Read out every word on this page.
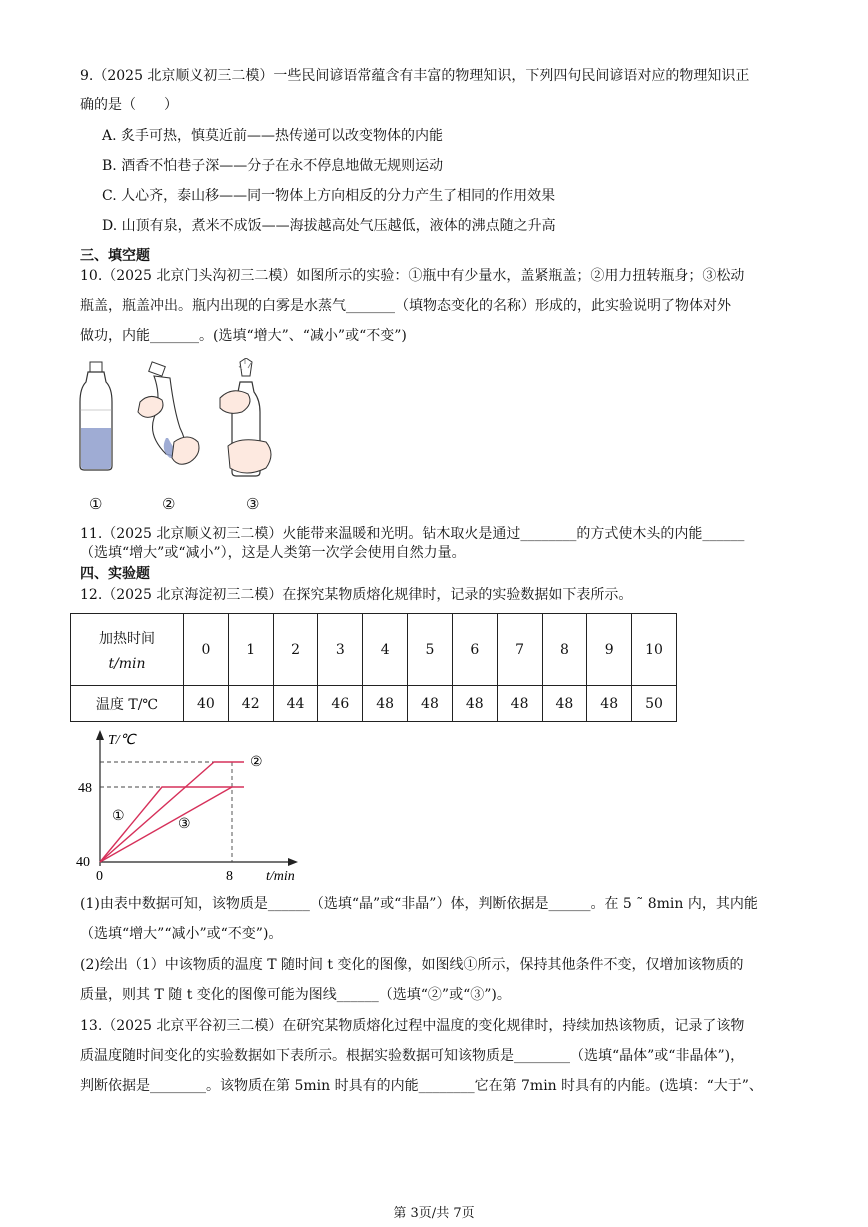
9.（2025 北京顺义初三二模）一些民间谚语常蕴含有丰富的物理知识，下列四句民间谚语对应的物理知识正
确的是（　　）
A. 炙手可热，慎莫近前——热传递可以改变物体的内能
B. 酒香不怕巷子深——分子在永不停息地做无规则运动
C. 人心齐，泰山移——同一物体上方向相反的分力产生了相同的作用效果
D. 山顶有泉，煮米不成饭——海拔越高处气压越低，液体的沸点随之升高
三、填空题
10.（2025 北京门头沟初三二模）如图所示的实验：①瓶中有少量水，盖紧瓶盖；②用力扭转瓶身；③松动
瓶盖，瓶盖冲出。瓶内出现的白雾是水蒸气_______（填物态变化的名称）形成的，此实验说明了物体对外
做功，内能_______。(选填“增大”、“减小”或“不变”)
①	②	③
11.（2025 北京顺义初三二模）火能带来温暖和光明。钻木取火是通过________的方式使木头的内能______
（选填“增大”或“减小”），这是人类第一次学会使用自然力量。
四、实验题
12.（2025 北京海淀初三二模）在探究某物质熔化规律时，记录的实验数据如下表所示。
加热时间
t/min	0	1	2	3	4	5	6	7	8	9	10
温度 T/℃	40	42	44	46	48	48	48	48	48	48	50
T/℃
t/min
48
40
0	8
②
①
③
(1)由表中数据可知，该物质是______（选填“晶”或“非晶”）体，判断依据是______。在 5 ˜ 8min 内，其内能
（选填“增大”“减小”或“不变”)。
(2)绘出（1）中该物质的温度 T 随时间 t 变化的图像，如图线①所示，保持其他条件不变，仅增加该物质的
质量，则其 T 随 t 变化的图像可能为图线______（选填“②”或“③”)。
13.（2025 北京平谷初三二模）在研究某物质熔化过程中温度的变化规律时，持续加热该物质，记录了该物
质温度随时间变化的实验数据如下表所示。根据实验数据可知该物质是________（选填“晶体”或“非晶体”)，
判断依据是________。该物质在第 5min 时具有的内能________它在第 7min 时具有的内能。(选填：“大于”、
第 3页/共 7页
